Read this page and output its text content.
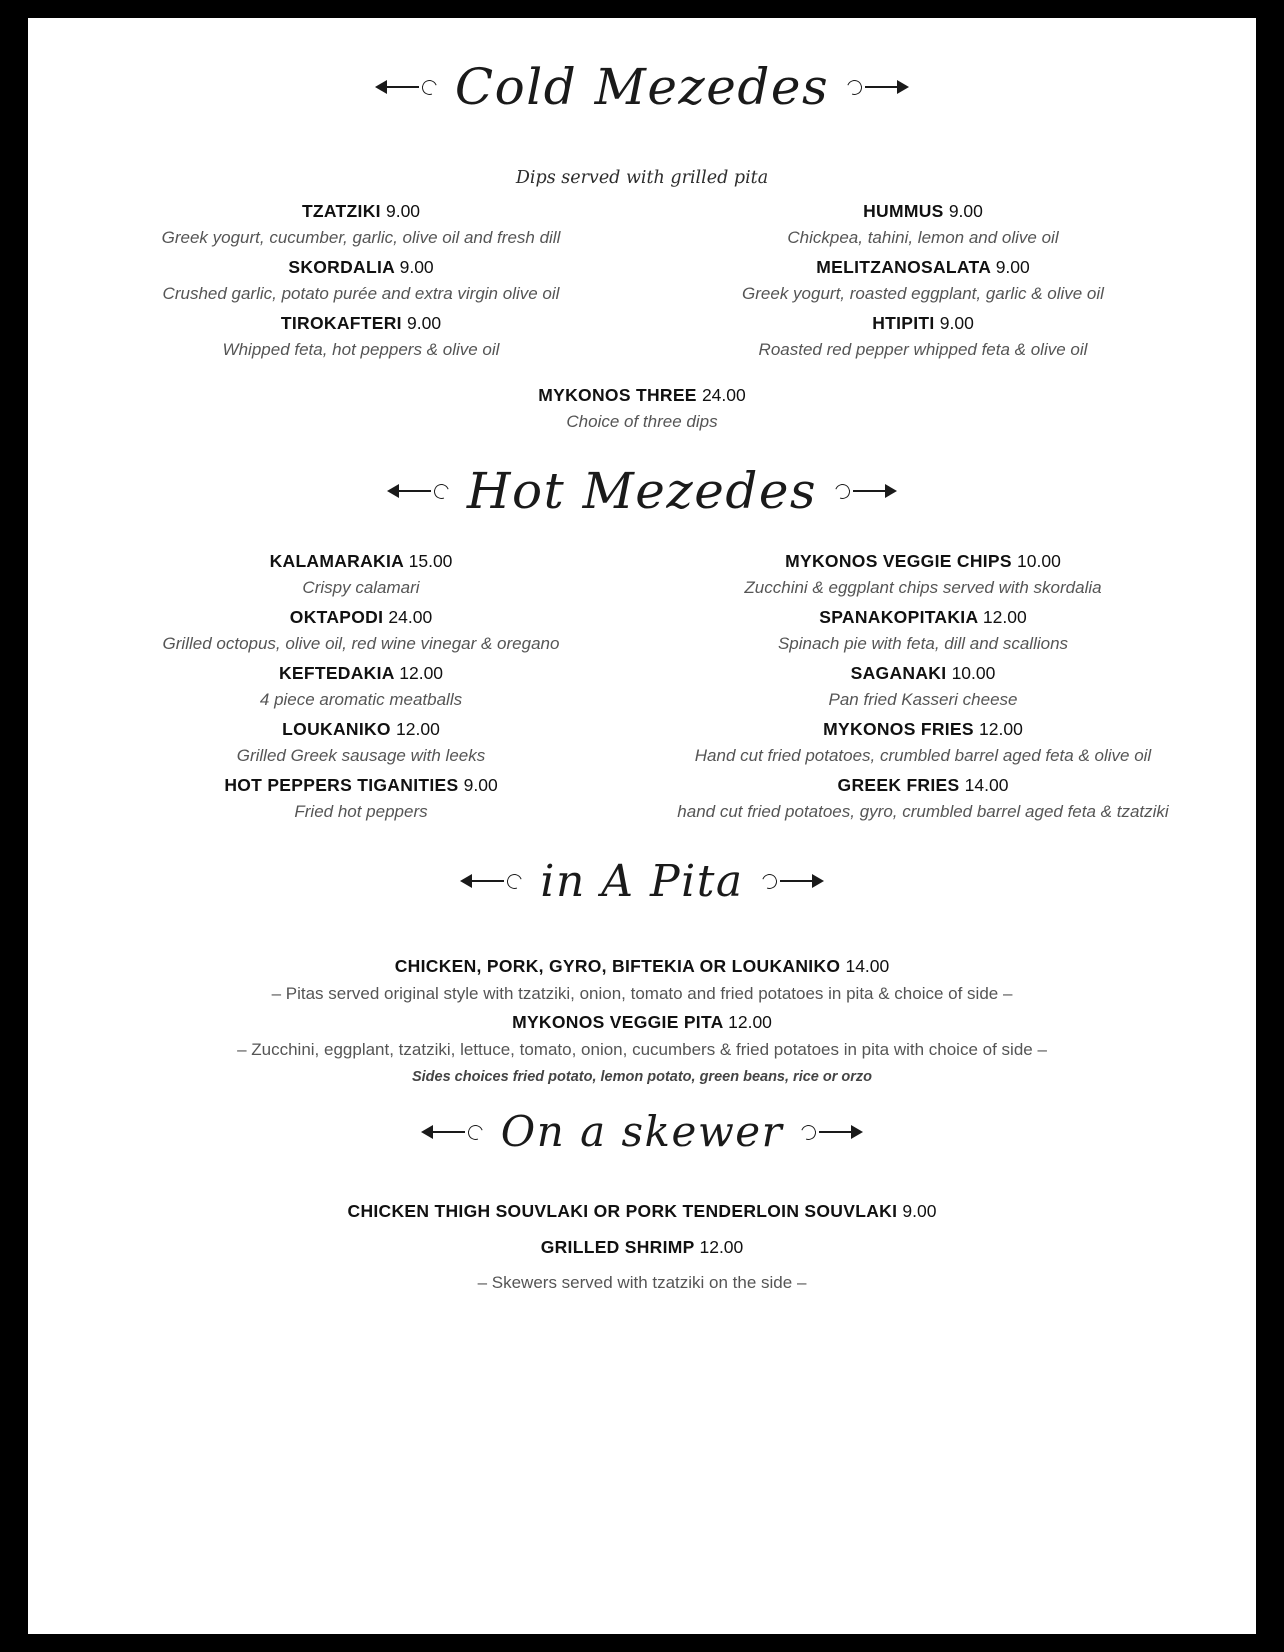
Cold Mezedes
Dips served with grilled pita
TZATZIKI 9.00
Greek yogurt, cucumber, garlic, olive oil and fresh dill
SKORDALIA 9.00
Crushed garlic, potato purée and extra virgin olive oil
TIROKAFTERI 9.00
Whipped feta, hot peppers & olive oil
HUMMUS 9.00
Chickpea, tahini, lemon and olive oil
MELITZANOSALATA 9.00
Greek yogurt, roasted eggplant, garlic & olive oil
HTIPITI 9.00
Roasted red pepper whipped feta & olive oil
MYKONOS THREE 24.00
Choice of three dips
Hot Mezedes
KALAMARAKIA 15.00
Crispy calamari
OKTAPODI 24.00
Grilled octopus, olive oil, red wine vinegar & oregano
KEFTEDAKIA 12.00
4 piece aromatic meatballs
LOUKANIKO 12.00
Grilled Greek sausage with leeks
HOT PEPPERS TIGANITIES 9.00
Fried hot peppers
MYKONOS VEGGIE CHIPS 10.00
Zucchini & eggplant chips served with skordalia
SPANAKOPITAKIA 12.00
Spinach pie with feta, dill and scallions
SAGANAKI 10.00
Pan fried Kasseri cheese
MYKONOS FRIES 12.00
Hand cut fried potatoes, crumbled barrel aged feta & olive oil
GREEK FRIES 14.00
hand cut fried potatoes, gyro, crumbled barrel aged feta & tzatziki
in A Pita
CHICKEN, PORK, GYRO, BIFTEKIA OR LOUKANIKO 14.00
– Pitas served original style with tzatziki, onion, tomato and fried potatoes in pita & choice of side –
MYKONOS VEGGIE PITA 12.00
– Zucchini, eggplant, tzatziki, lettuce, tomato, onion, cucumbers & fried potatoes in pita with choice of side –
Sides choices fried potato, lemon potato, green beans, rice or orzo
On a skewer
CHICKEN THIGH SOUVLAKI OR PORK TENDERLOIN SOUVLAKI 9.00
GRILLED SHRIMP 12.00
– Skewers served with tzatziki on the side –
